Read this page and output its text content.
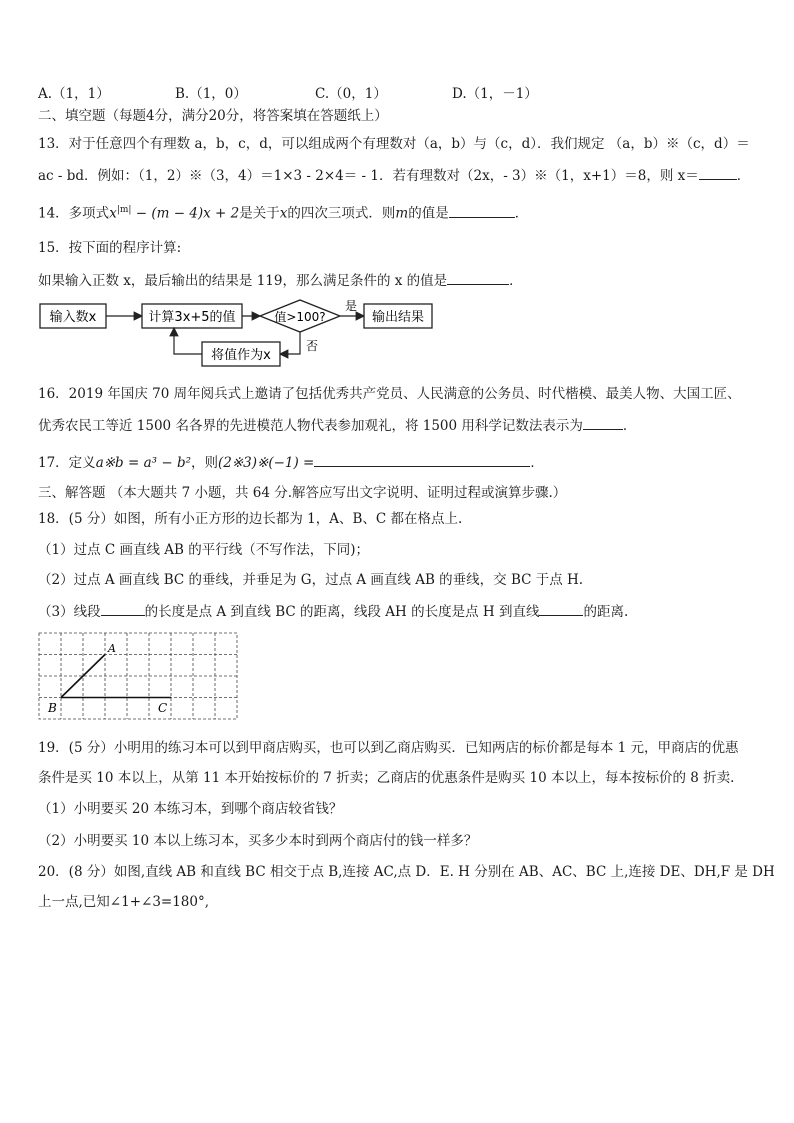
A.（1，1）	B.（1，0）	C.（0，1）	D.（1，－1）
二、填空题（每题4分，满分20分，将答案填在答题纸上）
13．对于任意四个有理数 a，b，c，d，可以组成两个有理数对（a，b）与（c，d）．我们规定 （a，b）※（c，d）＝
ac - bd．例如：（1，2）※（3，4）＝1×3 - 2×4＝ - 1．若有理数对（2x，- 3）※（1，x+1）＝8，则 x＝	．
14．多项式$x^{|m|} - (m - 4)x + 2$是关于x的四次三项式．则m的值是	．
15．按下面的程序计算:
如果输入正数 x，最后输出的结果是 119，那么满足条件的 x 的值是	．
输入数x	计算3x+5的值	值>100?
是
输出结果
否
将值作为x
16．2019 年国庆 70 周年阅兵式上邀请了包括优秀共产党员、人民满意的公务员、时代楷模、最美人物、大国工匠、
优秀农民工等近 1500 名各界的先进模范人物代表参加观礼，将 1500 用科学记数法表示为	．
17．定义a※b = a³ − b²，则(2※3)※(−1) =	．
三、解答题 （本大题共 7 小题，共 64 分.解答应写出文字说明、证明过程或演算步骤.）
18．(5 分）如图，所有小正方形的边长都为 1，A、B、C 都在格点上.
（1）过点 C 画直线 AB 的平行线（不写作法，下同)；
（2）过点 A 画直线 BC 的垂线，并垂足为 G，过点 A 画直线 AB 的垂线，交 BC 于点 H.
（3）线段	的长度是点 A 到直线 BC 的距离，线段 AH 的长度是点 H 到直线	的距离.
A
B	C
19．(5 分）小明用的练习本可以到甲商店购买，也可以到乙商店购买．已知两店的标价都是每本 1 元，甲商店的优惠
条件是买 10 本以上，从第 11 本开始按标价的 7 折卖；乙商店的优惠条件是购买 10 本以上，每本按标价的 8 折卖.
（1）小明要买 20 本练习本，到哪个商店较省钱？
（2）小明要买 10 本以上练习本，买多少本时到两个商店付的钱一样多？
20．(8 分）如图,直线 AB 和直线 BC 相交于点 B,连接 AC,点 D．E. H 分别在 AB、AC、BC 上,连接 DE、DH,F 是 DH
上一点,已知∠1+∠3=180°,
